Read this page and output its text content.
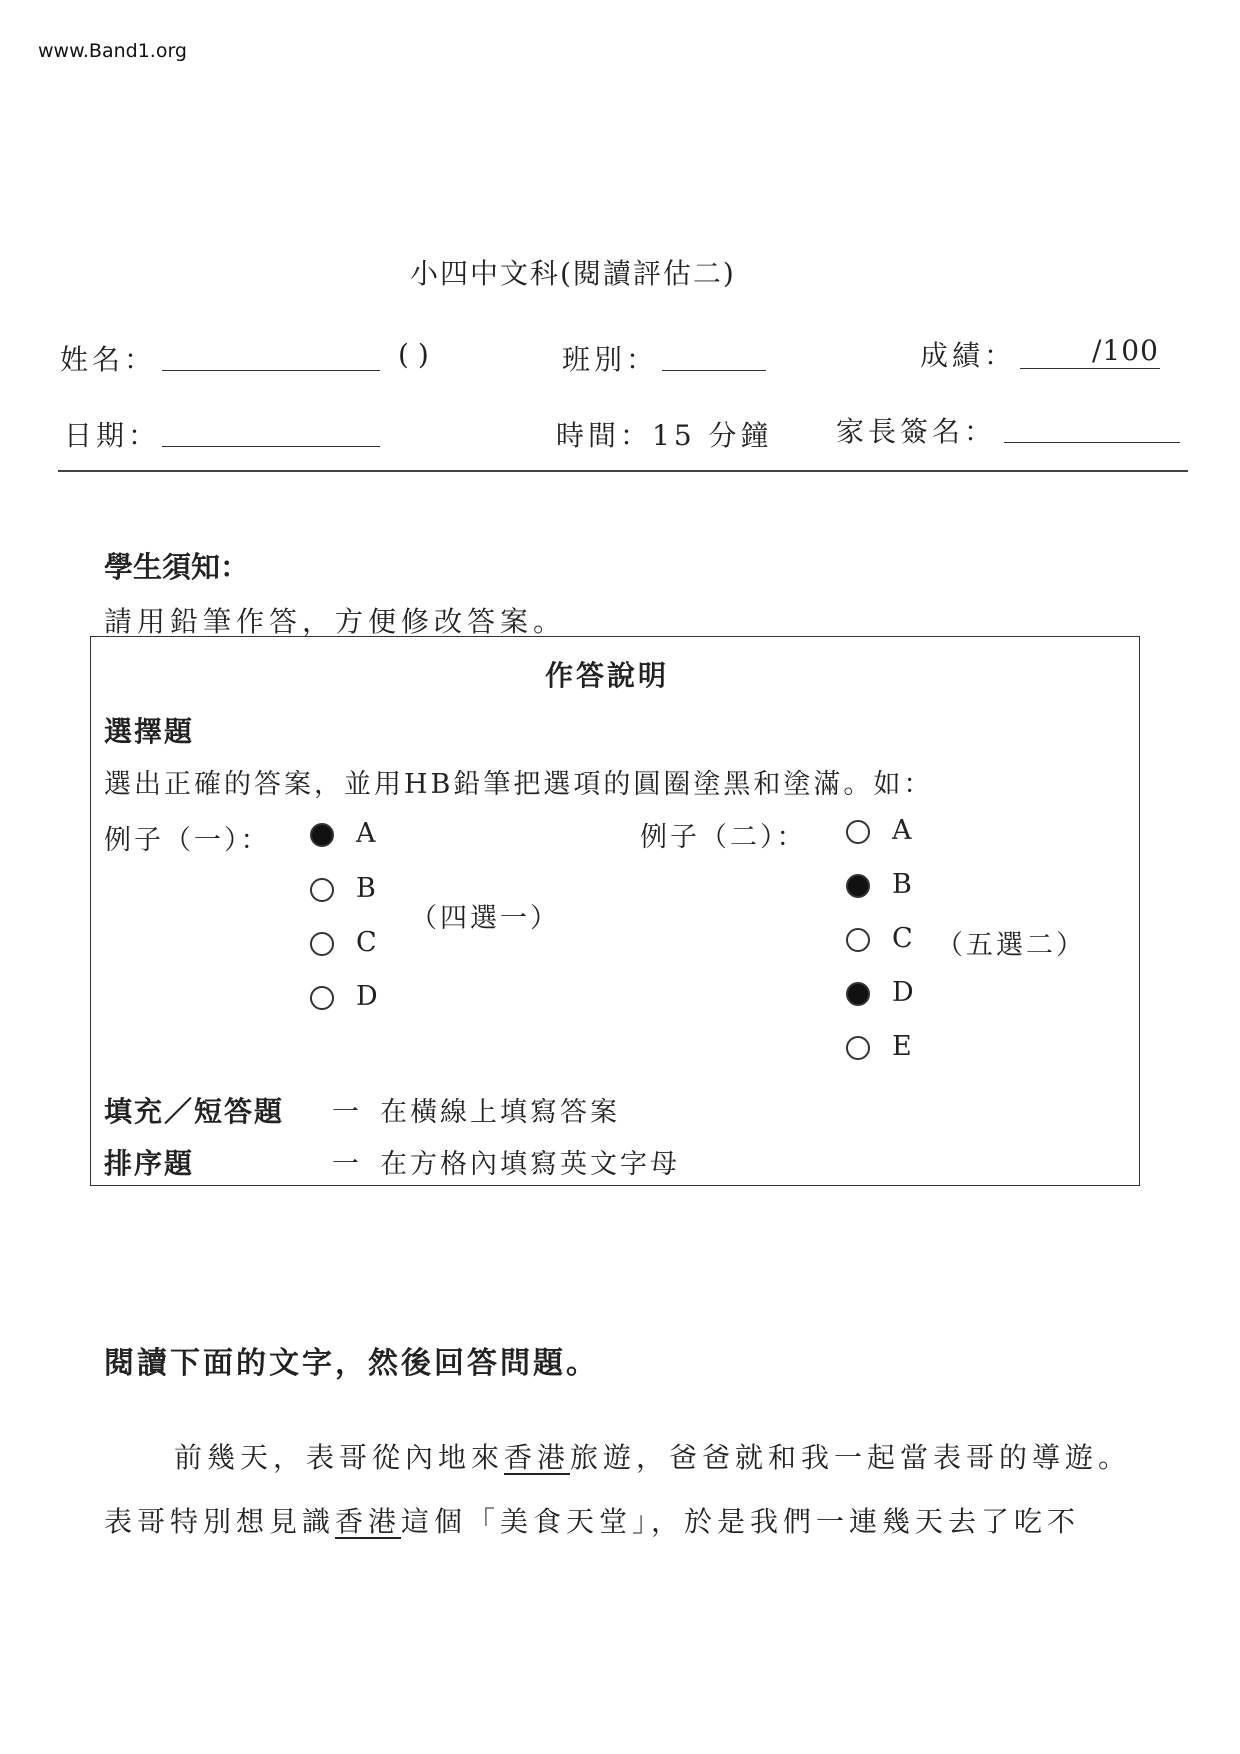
www.Band1.org
小四中文科(閱讀評估二)
姓名：	( )	班別：	成績：	/100
日期：	時間：15 分鐘 家長簽名：
學生須知：
請用鉛筆作答，方便修改答案。
作答說明
選擇題
選出正確的答案，並用HB鉛筆把選項的圓圈塗黑和塗滿。如：
例子（一）：	A
B
C
D
（四選一）
例子（二）：	A
B
C
D
E
（五選二）
填充／短答題 一 在橫線上填寫答案
排序題	一 在方格內填寫英文字母
閱讀下面的文字，然後回答問題。
前幾天，表哥從內地來香港旅遊，爸爸就和我一起當表哥的導遊。
表哥特別想見識香港這個「美食天堂」，於是我們一連幾天去了吃不
